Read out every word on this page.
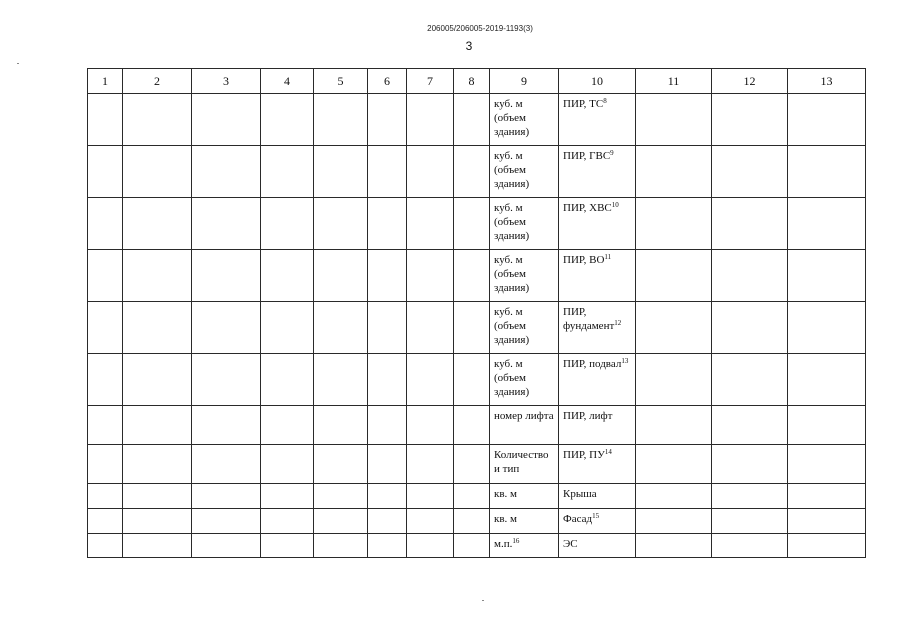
206005/206005-2019-1193(3)
3
1	2	3	4	5	6	7	8	9	10	11	12	13

								куб. м (объем здания)	ПИР, $ТС^8$

								куб. м (объем здания)	ПИР, ГВС$^9$

								куб. м (объем здания)	ПИР, ХВС$^{10}$

								куб. м (объем здания)	ПИР, ВО$^{11}$

								куб. м (объем здания)	ПИР, фундамент$^{12}$

								куб. м (объем здания)	ПИР, подвал$^{13}$

								номер лифта	ПИР, лифт			

								Количество и тип	ПИР, ПУ$^{14}$

								кв. м	Крыша			

								кв. м	Фасад$^{15}$

								м.п.$^{16}$	ЭС			
